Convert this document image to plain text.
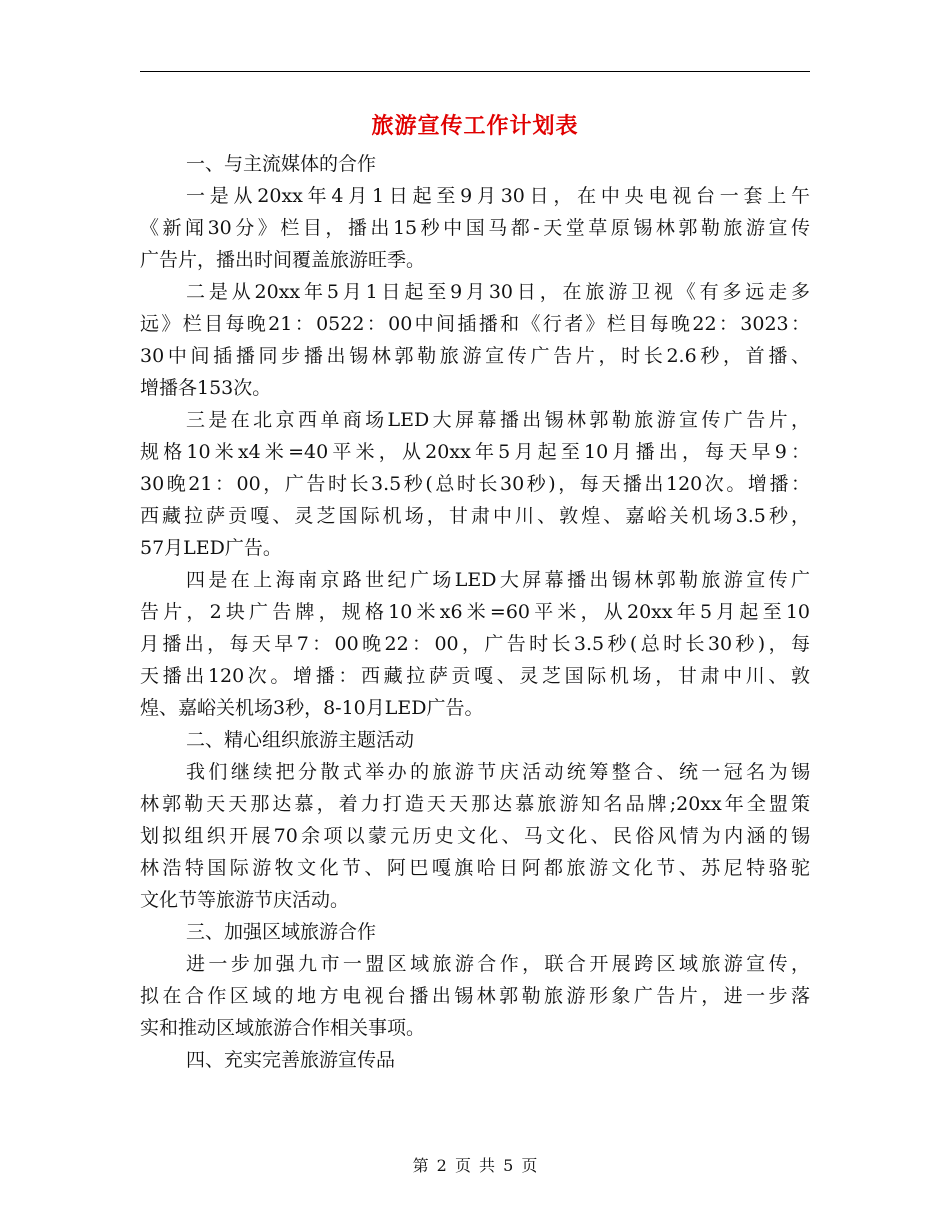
旅游宣传工作计划表
一、与主流媒体的合作
一是从20xx年4月1日起至9月30日，在中央电视台一套上午
《新闻30分》栏目，播出15秒中国马都-天堂草原锡林郭勒旅游宣传
广告片，播出时间覆盖旅游旺季。
二是从20xx年5月1日起至9月30日，在旅游卫视《有多远走多
远》栏目每晚21：0522：00中间插播和《行者》栏目每晚22：3023：
30中间插播同步播出锡林郭勒旅游宣传广告片，时长2.6秒，首播、
增播各153次。
三是在北京西单商场LED大屏幕播出锡林郭勒旅游宣传广告片，
规格10米x4米=40平米，从20xx年5月起至10月播出，每天早9：
30晚21：00，广告时长3.5秒(总时长30秒)，每天播出120次。增播：
西藏拉萨贡嘎、灵芝国际机场，甘肃中川、敦煌、嘉峪关机场3.5秒，
57月LED广告。
四是在上海南京路世纪广场LED大屏幕播出锡林郭勒旅游宣传广
告片，2块广告牌，规格10米x6米=60平米，从20xx年5月起至10
月播出，每天早7：00晚22：00，广告时长3.5秒(总时长30秒)，每
天播出120次。增播：西藏拉萨贡嘎、灵芝国际机场，甘肃中川、敦
煌、嘉峪关机场3秒，8-10月LED广告。
二、精心组织旅游主题活动
我们继续把分散式举办的旅游节庆活动统筹整合、统一冠名为锡
林郭勒天天那达慕，着力打造天天那达慕旅游知名品牌;20xx年全盟策
划拟组织开展70余项以蒙元历史文化、马文化、民俗风情为内涵的锡
林浩特国际游牧文化节、阿巴嘎旗哈日阿都旅游文化节、苏尼特骆驼
文化节等旅游节庆活动。
三、加强区域旅游合作
进一步加强九市一盟区域旅游合作，联合开展跨区域旅游宣传，
拟在合作区域的地方电视台播出锡林郭勒旅游形象广告片，进一步落
实和推动区域旅游合作相关事项。
四、充实完善旅游宣传品
第 2 页 共 5 页
